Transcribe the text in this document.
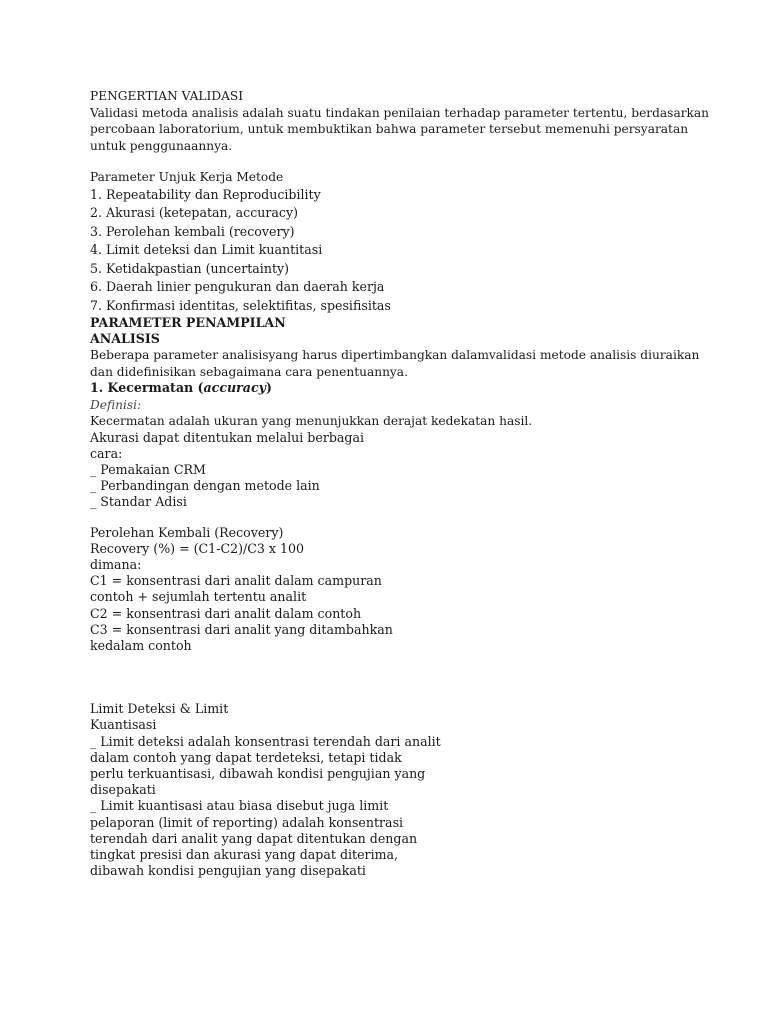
PENGERTIAN VALIDASI
Validasi metoda analisis adalah suatu tindakan penilaian terhadap parameter tertentu, berdasarkan
percobaan laboratorium, untuk membuktikan bahwa parameter tersebut memenuhi persyaratan
untuk penggunaannya.
Parameter Unjuk Kerja Metode
1. Repeatability dan Reproducibility
2. Akurasi (ketepatan, accuracy)
3. Perolehan kembali (recovery)
4. Limit deteksi dan Limit kuantitasi
5. Ketidakpastian (uncertainty)
6. Daerah linier pengukuran dan daerah kerja
7. Konfirmasi identitas, selektifitas, spesifisitas
PARAMETER PENAMPILAN
ANALISIS
Beberapa parameter analisisyang harus dipertimbangkan dalamvalidasi metode analisis diuraikan
dan didefinisikan sebagaimana cara penentuannya.
1. Kecermatan (accuracy)
Definisi:
Kecermatan adalah ukuran yang menunjukkan derajat kedekatan hasil.
Akurasi dapat ditentukan melalui berbagai
cara:
_ Pemakaian CRM
_ Perbandingan dengan metode lain
_ Standar Adisi
Perolehan Kembali (Recovery)
Recovery (%) = (C1-C2)/C3 x 100
dimana:
C1 = konsentrasi dari analit dalam campuran
contoh + sejumlah tertentu analit
C2 = konsentrasi dari analit dalam contoh
C3 = konsentrasi dari analit yang ditambahkan
kedalam contoh
Limit Deteksi & Limit
Kuantisasi
_ Limit deteksi adalah konsentrasi terendah dari analit
dalam contoh yang dapat terdeteksi, tetapi tidak
perlu terkuantisasi, dibawah kondisi pengujian yang
disepakati
_ Limit kuantisasi atau biasa disebut juga limit
pelaporan (limit of reporting) adalah konsentrasi
terendah dari analit yang dapat ditentukan dengan
tingkat presisi dan akurasi yang dapat diterima,
dibawah kondisi pengujian yang disepakati
